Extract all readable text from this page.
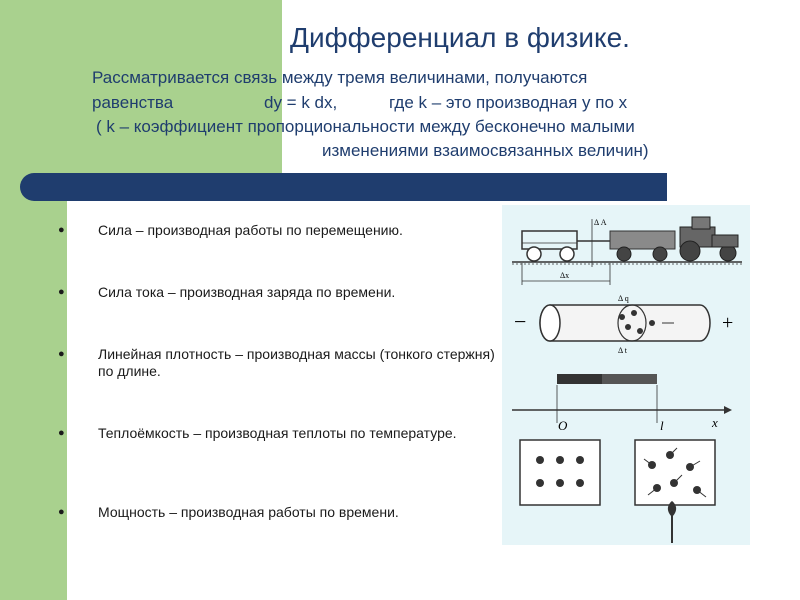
Дифференциал в физике.
Рассматривается связь между тремя величинами, получаются
равенства	dy = k dx,	где k – это производная y по x
( k – коэффициент пропорциональности между бесконечно малыми
изменениями взаимосвязанных величин)
●	Сила – производная работы по перемещению.
●	Сила тока – производная заряда по времени.
●	Линейная плотность – производная массы (тонкого стержня) по длине.
●	Теплоёмкость – производная теплоты по температуре.
●	Мощность – производная работы по времени.
Δ A
Δx
−	+
Δ q
Δ t
O	l	x
